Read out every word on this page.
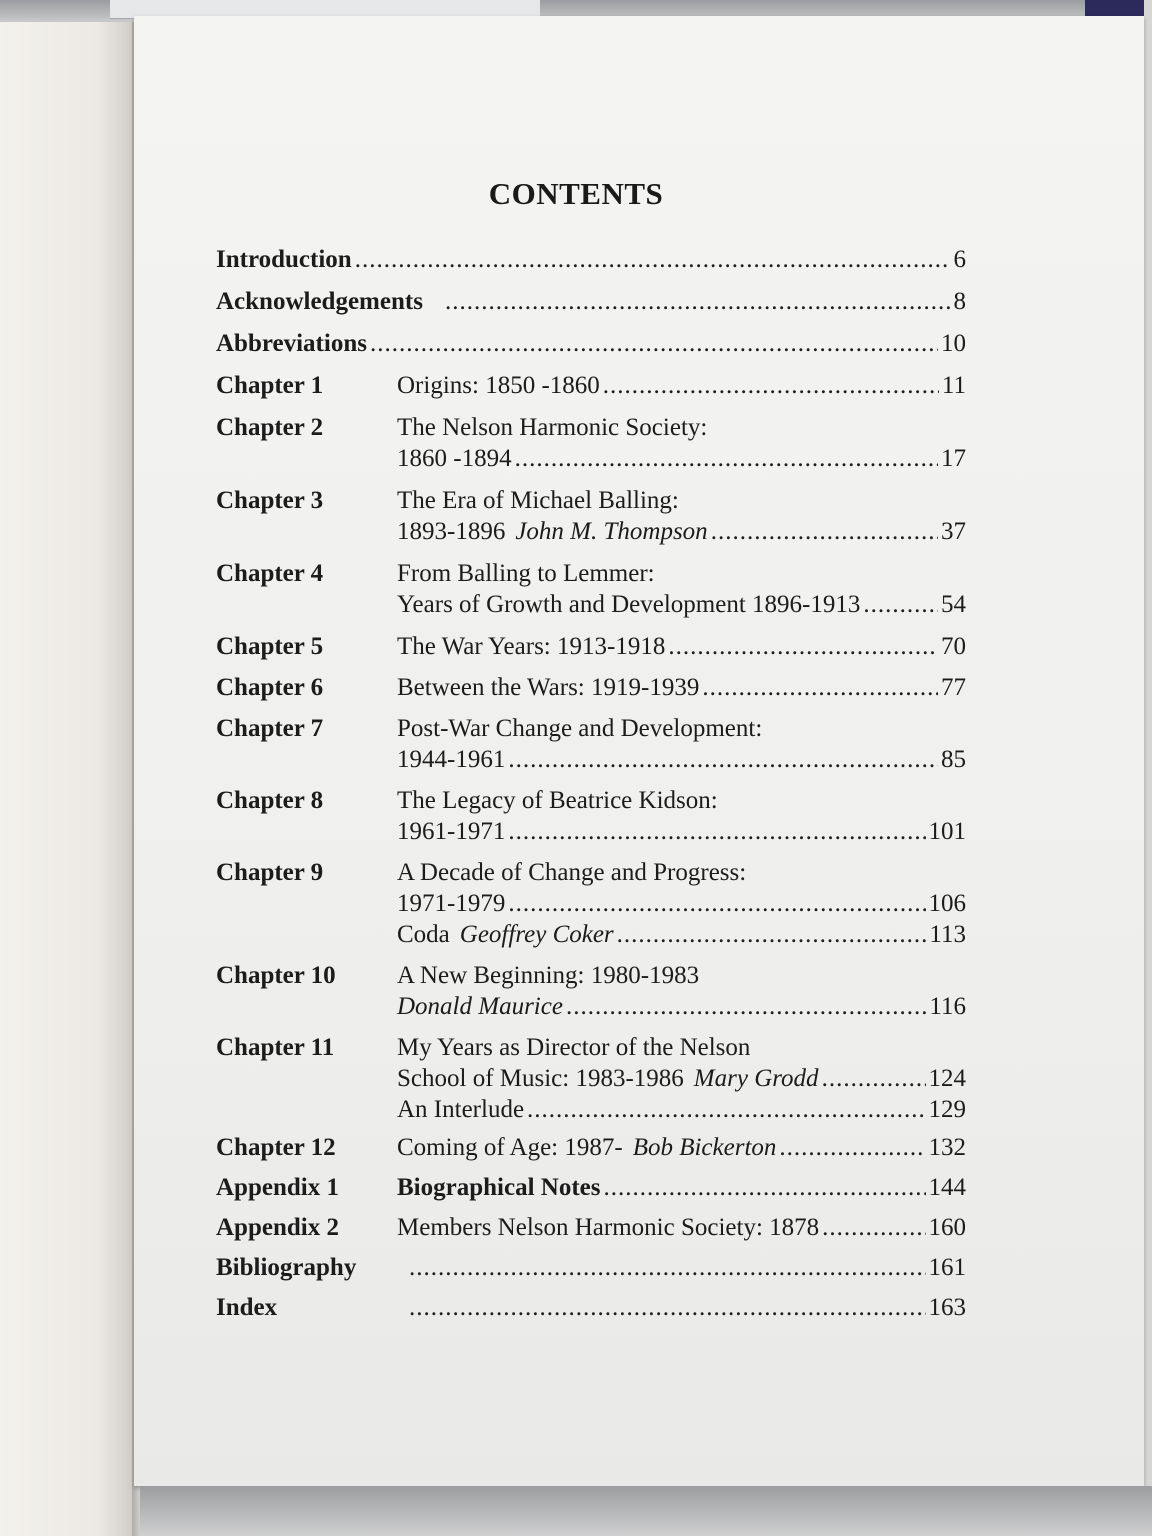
CONTENTS
Introduction .....	6
Acknowledgements .....	8
Abbreviations .....	10
Chapter 1	Origins: 1850 -1860 .....	11
Chapter 2	The Nelson Harmonic Society:
1860 -1894 .....	17
Chapter 3	The Era of Michael Balling:
1893-1896 John M. Thompson .....	37
Chapter 4	From Balling to Lemmer:
Years of Growth and Development 1896-1913 .....	54
Chapter 5	The War Years: 1913-1918 .....	70
Chapter 6	Between the Wars: 1919-1939 .....	77
Chapter 7	Post-War Change and Development:
1944-1961 .....	85
Chapter 8	The Legacy of Beatrice Kidson:
1961-1971 .....	101
Chapter 9	A Decade of Change and Progress:
1971-1979 .....	106
Coda Geoffrey Coker .....	113
Chapter 10 A New Beginning: 1980-1983
Donald Maurice .....	116
Chapter 11	My Years as Director of the Nelson
School of Music: 1983-1986 Mary Grodd .....	124
An Interlude .....	129
Chapter 12 Coming of Age: 1987- Bob Bickerton .....	132
Appendix 1 Biographical Notes .....	144
Appendix 2 Members Nelson Harmonic Society: 1878 .....	160
Bibliography .....	161
Index .....	163
